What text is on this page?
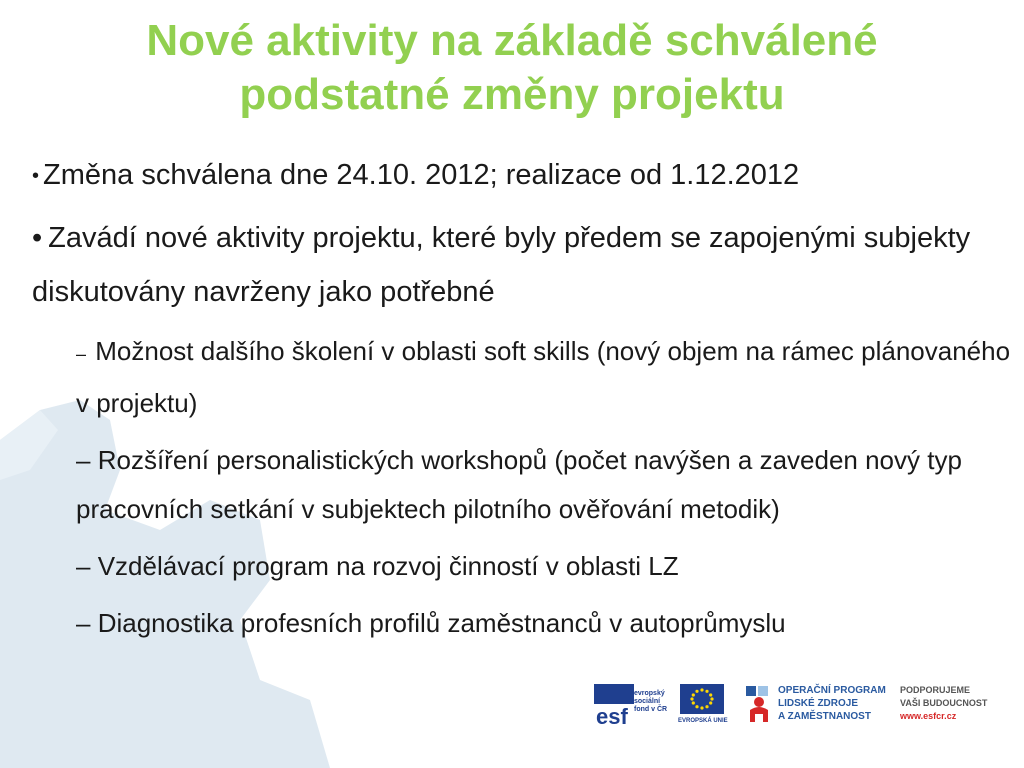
Nové aktivity na základě schválené podstatné změny projektu

• Změna schválena dne 24.10. 2012; realizace od 1.12.2012

• Zavádí nové aktivity projektu, které byly předem se zapojenými subjekty diskutovány navrženy jako potřebné

– Možnost dalšího školení v oblasti soft skills (nový objem na rámec plánovaného v projektu)

– Rozšíření personalistických workshopů (počet navýšen a zaveden nový typ pracovních setkání v subjektech pilotního ověřování metodik)

– Vzdělávací program na rozvoj činností v oblasti LZ

– Diagnostika profesních profilů zaměstnanců v autoprůmyslu

esf
evropský
sociální
fond v ČR
EVROPSKÁ UNIE
OPERAČNÍ PROGRAM
LIDSKÉ ZDROJE
A ZAMĚSTNANOST
PODPORUJEME
VAŠI BUDOUCNOST
www.esfcr.cz
